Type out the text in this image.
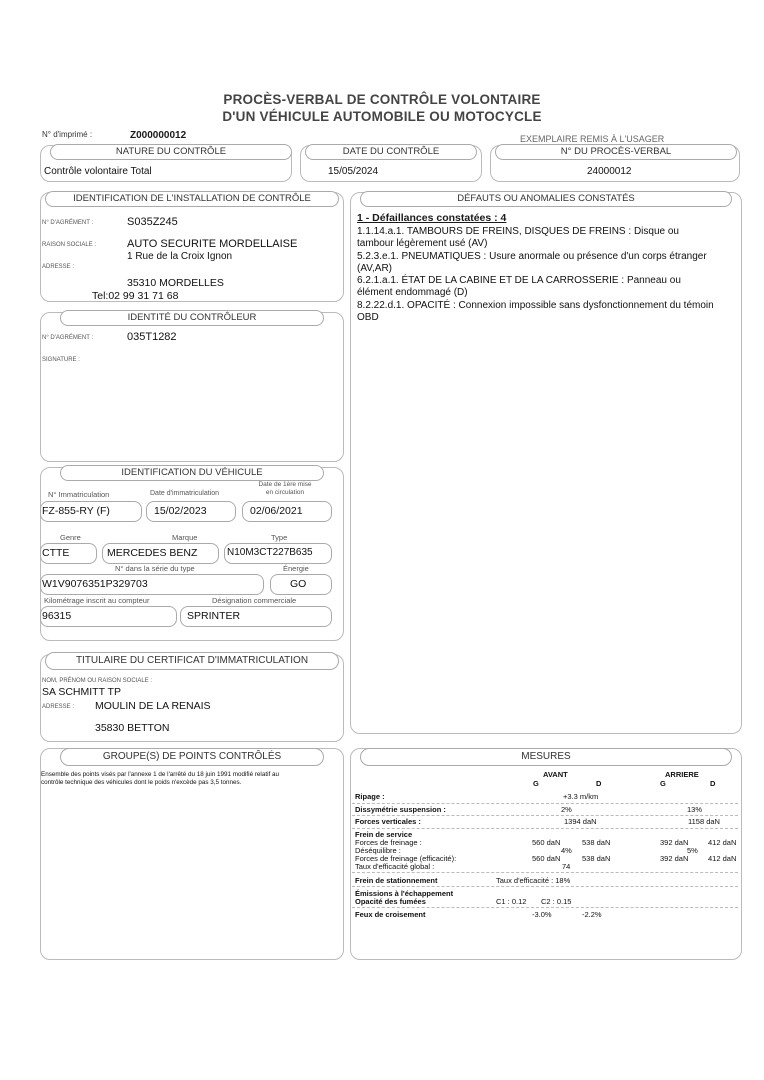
PROCÈS-VERBAL DE CONTRÔLE VOLONTAIRE
D'UN VÉHICULE AUTOMOBILE OU MOTOCYCLE
N° d'imprimé :	Z000000012	EXEMPLAIRE REMIS À L'USAGER
NATURE DU CONTRÔLE
Contrôle volontaire Total
DATE DU CONTRÔLE
15/05/2024
N° DU PROCÈS-VERBAL
24000012
IDENTIFICATION DE L'INSTALLATION DE CONTRÔLE
N° D'AGRÉMENT :	S035Z245
RAISON SOCIALE :	AUTO SECURITE MORDELLAISE
1 Rue de la Croix Ignon
ADRESSE :
35310 MORDELLES
Tel:02 99 31 71 68
IDENTITÉ DU CONTRÔLEUR
N° D'AGRÉMENT :	035T1282
SIGNATURE :
IDENTIFICATION DU VÉHICULE
N° Immatriculation	Date d'immatriculation
Date de 1ère mise
en circulation
FZ-855-RY (F)	15/02/2023	02/06/2021
Genre	Marque	Type
CTTE	MERCEDES BENZ	N10M3CT227B635
N° dans la série du type	Énergie
W1V9076351P329703	GO
Kilométrage inscrit au compteur	Désignation commerciale
96315	SPRINTER
TITULAIRE DU CERTIFICAT D'IMMATRICULATION
NOM, PRÉNOM OU RAISON SOCIALE :
SA SCHMITT TP
ADRESSE : MOULIN DE LA RENAIS
35830 BETTON
DÉFAUTS OU ANOMALIES CONSTATÉS
1 - Défaillances constatées : 4
1.1.14.a.1. TAMBOURS DE FREINS, DISQUES DE FREINS : Disque ou tambour légèrement usé (AV)
5.2.3.e.1. PNEUMATIQUES : Usure anormale ou présence d'un corps étranger (AV,AR)
6.2.1.a.1. ÉTAT DE LA CABINE ET DE LA CARROSSERIE : Panneau ou élément endommagé (D)
8.2.22.d.1. OPACITÉ : Connexion impossible sans dysfonctionnement du témoin OBD
GROUPE(S) DE POINTS CONTRÔLÉS
Ensemble des points visés par l'annexe 1 de l'arrêté du 18 juin 1991 modifié relatif au contrôle technique des véhicules dont le poids n'excède pas 3,5 tonnes.
MESURES
AVANT	ARRIERE
G	D	G	D
Ripage :	+3.3 m/km
Dissymétrie suspension :	2%	13%
Forces verticales :	1394 daN	1158 daN
Frein de service
Forces de freinage :	560 daN	538 daN	392 daN	412 daN
Déséquilibre :	4%	5%
Forces de freinage (efficacité):	560 daN	538 daN	392 daN	412 daN
Taux d'efficacité global :	74
Frein de stationnement	Taux d'efficacité : 18%
Émissions à l'échappement
Opacité des fumées	C1 : 0.12 C2 : 0.15
Feux de croisement	-3.0%	-2.2%
